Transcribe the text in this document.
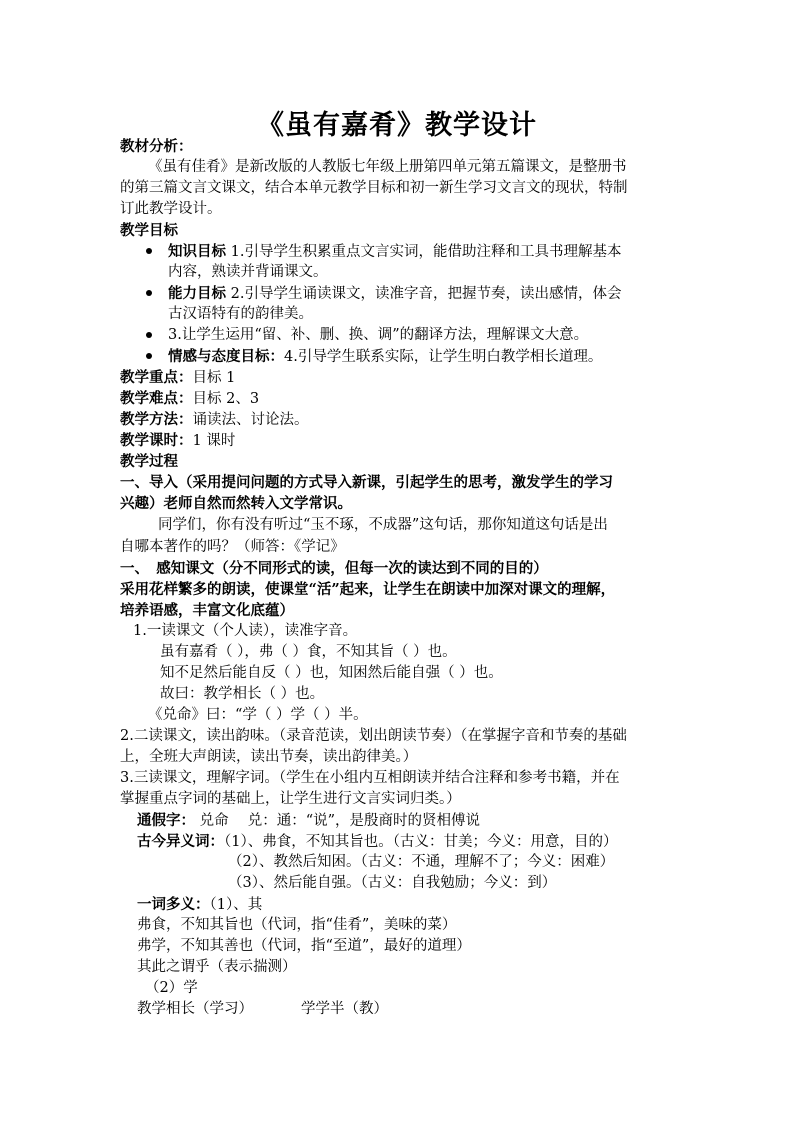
《虽有嘉肴》教学设计
教材分析：
《虽有佳肴》是新改版的人教版七年级上册第四单元第五篇课文，是整册书
的第三篇文言文课文，结合本单元教学目标和初一新生学习文言文的现状，特制
订此教学设计。
教学目标
知识目标 1.引导学生积累重点文言实词，能借助注释和工具书理解基本
内容，熟读并背诵课文。
能力目标 2.引导学生诵读课文，读准字音，把握节奏，读出感情，体会
古汉语特有的韵律美。
3.让学生运用“留、补、删、换、调”的翻译方法，理解课文大意。
情感与态度目标：4.引导学生联系实际，让学生明白教学相长道理。
教学重点：目标 1
教学难点：目标 2、3
教学方法：诵读法、讨论法。
教学课时：1 课时
教学过程
一、导入（采用提问问题的方式导入新课，引起学生的思考，激发学生的学习
兴趣）老师自然而然转入文学常识。
同学们，你有没有听过“玉不琢，不成器”这句话，那你知道这句话是出
自哪本著作的吗？（师答：《学记》
一、　感知课文（分不同形式的读，但每一次的读达到不同的目的）
采用花样繁多的朗读，使课堂“活”起来，让学生在朗读中加深对课文的理解，
培养语感，丰富文化底蕴）
1.一读课文（个人读），读准字音。
虽有嘉肴（ ），弗（ ）食，不知其旨（ ）也。
知不足然后能自反（ ）也，知困然后能自强（ ）也。
故曰：教学相长（ ）也。
《兑命》曰：“学（ ）学（ ）半。
2.二读课文，读出韵味。（录音范读，划出朗读节奏）（在掌握字音和节奏的基础
上，全班大声朗读，读出节奏，读出韵律美。）
3.三读课文，理解字词。（学生在小组内互相朗读并结合注释和参考书籍，并在
掌握重点字词的基础上，让学生进行文言实词归类。）
通假字： 兑命　 兑：通：“说”，是殷商时的贤相傅说
古今异义词：（1）、弗食，不知其旨也。（古义：甘美；今义：用意，目的）
（2）、教然后知困。（古义：不通，理解不了；今义：困难）
（3）、然后能自强。（古义：自我勉励；今义：到）
一词多义：（1）、其
弗食，不知其旨也（代词，指“佳肴”，美味的菜）
弗学，不知其善也（代词，指“至道”，最好的道理）
其此之谓乎（表示揣测）
（2）学
教学相长（学习）	学学半（教）
